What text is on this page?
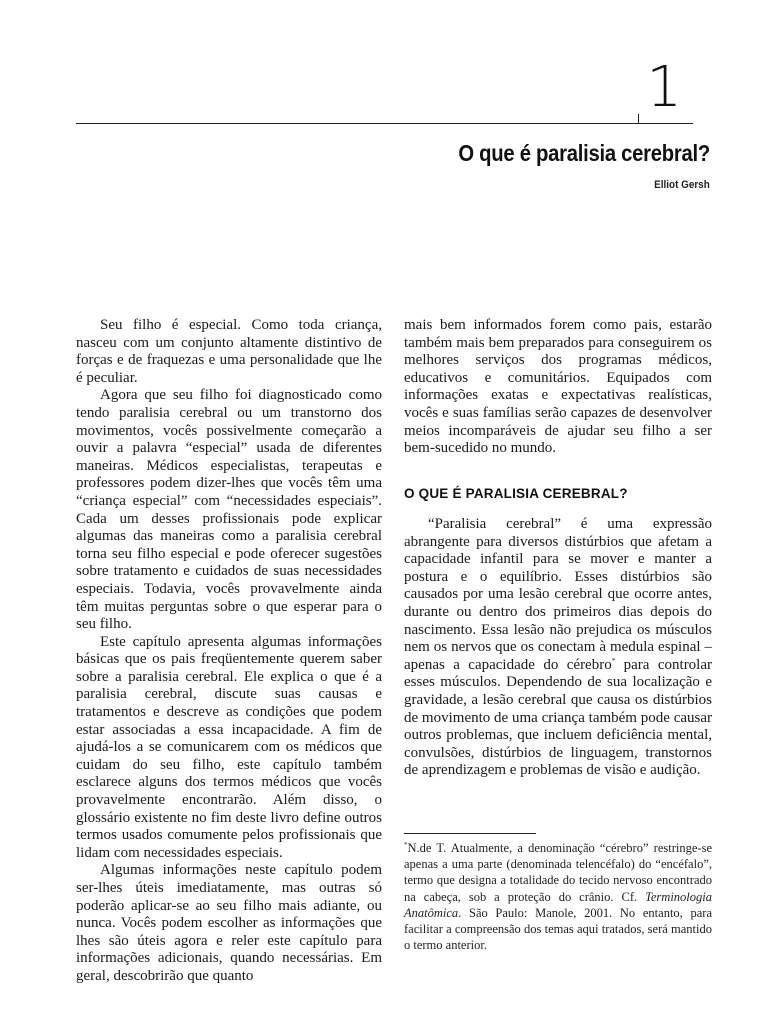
1
O que é paralisia cerebral?
Elliot Gersh

Seu filho é especial. Como toda criança, nasceu com um conjunto altamente distintivo de forças e de fraquezas e uma personalidade que lhe é peculiar.

Agora que seu filho foi diagnosticado como tendo paralisia cerebral ou um transtorno dos movimentos, vocês possivelmente começarão a ouvir a palavra “especial” usada de diferentes maneiras. Médicos especialistas, terapeutas e professores podem dizer-lhes que vocês têm uma “criança especial” com “necessidades especiais”. Cada um desses profissionais pode explicar algumas das maneiras como a paralisia cerebral torna seu filho especial e pode oferecer sugestões sobre tratamento e cuidados de suas necessidades especiais. Todavia, vocês provavelmente ainda têm muitas perguntas sobre o que esperar para o seu filho.

Este capítulo apresenta algumas informações básicas que os pais freqüentemente querem saber sobre a paralisia cerebral. Ele explica o que é a paralisia cerebral, discute suas causas e tratamentos e descreve as condições que podem estar associadas a essa incapacidade. A fim de ajudá-los a se comunicarem com os médicos que cuidam do seu filho, este capítulo também esclarece alguns dos termos médicos que vocês provavelmente encontrarão. Além disso, o glossário existente no fim deste livro define outros termos usados comumente pelos profissionais que lidam com necessidades especiais.

Algumas informações neste capítulo podem ser-lhes úteis imediatamente, mas outras só poderão aplicar-se ao seu filho mais adiante, ou nunca. Vocês podem escolher as informações que lhes são úteis agora e reler este capítulo para informações adicionais, quando necessárias. Em geral, descobrirão que quanto

mais bem informados forem como pais, estarão também mais bem preparados para conseguirem os melhores serviços dos programas médicos, educativos e comunitários. Equipados com informações exatas e expectativas realísticas, vocês e suas famílias serão capazes de desenvolver meios incomparáveis de ajudar seu filho a ser bem-sucedido no mundo.

O QUE É PARALISIA CEREBRAL?

“Paralisia cerebral” é uma expressão abrangente para diversos distúrbios que afetam a capacidade infantil para se mover e manter a postura e o equilíbrio. Esses distúrbios são causados por uma lesão cerebral que ocorre antes, durante ou dentro dos primeiros dias depois do nascimento. Essa lesão não prejudica os músculos nem os nervos que os conectam à medula espinal – apenas a capacidade do cérebro* para controlar esses músculos. Dependendo de sua localização e gravidade, a lesão cerebral que causa os distúrbios de movimento de uma criança também pode causar outros problemas, que incluem deficiência mental, convulsões, distúrbios de linguagem, transtornos de aprendizagem e problemas de visão e audição.

*N.de T. Atualmente, a denominação “cérebro” restringe-se apenas a uma parte (denominada telencéfalo) do “encéfalo”, termo que designa a totalidade do tecido nervoso encontrado na cabeça, sob a proteção do crânio. Cf. Terminologia Anatômica. São Paulo: Manole, 2001. No entanto, para facilitar a compreensão dos temas aqui tratados, será mantido o termo anterior.
